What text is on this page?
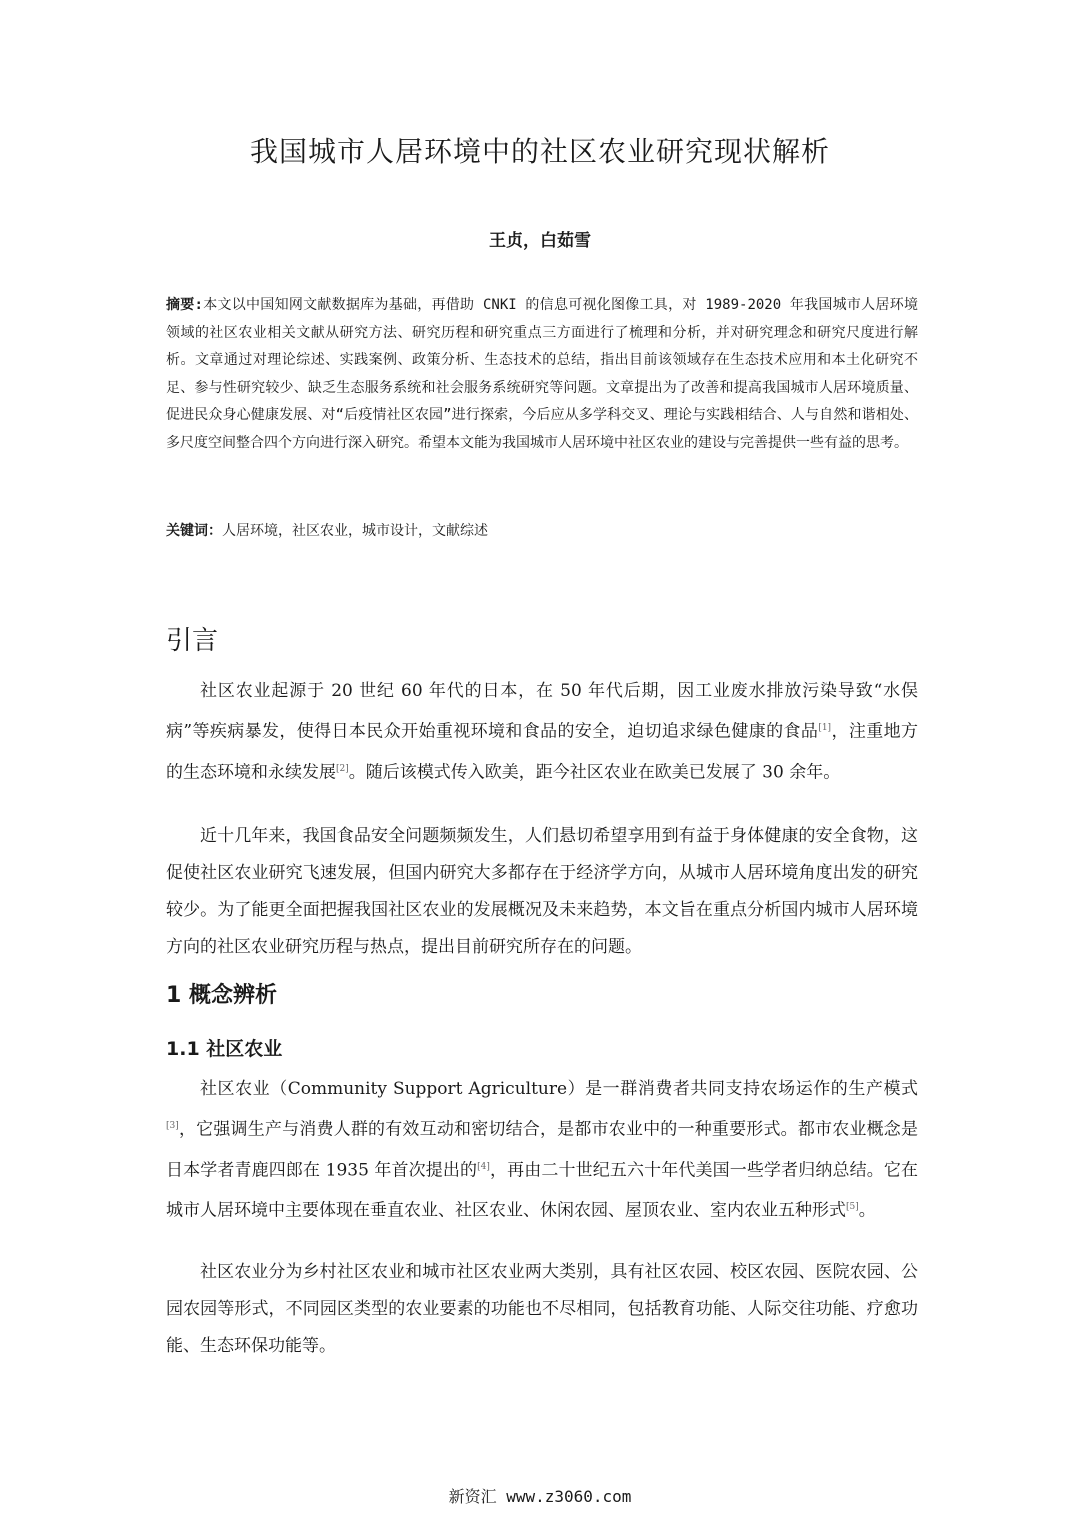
我国城市人居环境中的社区农业研究现状解析
王贞，白茹雪
摘要:本文以中国知网文献数据库为基础，再借助 CNKI 的信息可视化图像工具，对 1989-2020 年我国城市人居环境领域的社区农业相关文献从研究方法、研究历程和研究重点三方面进行了梳理和分析，并对研究理念和研究尺度进行解析。文章通过对理论综述、实践案例、政策分析、生态技术的总结，指出目前该领域存在生态技术应用和本土化研究不足、参与性研究较少、缺乏生态服务系统和社会服务系统研究等问题。文章提出为了改善和提高我国城市人居环境质量、促进民众身心健康发展、对“后疫情社区农园”进行探索，今后应从多学科交叉、理论与实践相结合、人与自然和谐相处、多尺度空间整合四个方向进行深入研究。希望本文能为我国城市人居环境中社区农业的建设与完善提供一些有益的思考。
关键词：人居环境，社区农业，城市设计，文献综述
引言

社区农业起源于 20 世纪 60 年代的日本，在 50 年代后期，因工业废水排放污染导致“水俣病”等疾病暴发，使得日本民众开始重视环境和食品的安全，迫切追求绿色健康的食品[1]，注重地方的生态环境和永续发展[2]。随后该模式传入欧美，距今社区农业在欧美已发展了 30 余年。

近十几年来，我国食品安全问题频频发生，人们悬切希望享用到有益于身体健康的安全食物，这促使社区农业研究飞速发展，但国内研究大多都存在于经济学方向，从城市人居环境角度出发的研究较少。为了能更全面把握我国社区农业的发展概况及未来趋势，本文旨在重点分析国内城市人居环境方向的社区农业研究历程与热点，提出目前研究所存在的问题。

1 概念辨析
1.1 社区农业

社区农业（Community Support Agriculture）是一群消费者共同支持农场运作的生产模式[3]，它强调生产与消费人群的有效互动和密切结合，是都市农业中的一种重要形式。都市农业概念是日本学者青鹿四郎在 1935 年首次提出的[4]，再由二十世纪五六十年代美国一些学者归纳总结。它在城市人居环境中主要体现在垂直农业、社区农业、休闲农园、屋顶农业、室内农业五种形式[5]。

社区农业分为乡村社区农业和城市社区农业两大类别，具有社区农园、校区农园、医院农园、公园农园等形式，不同园区类型的农业要素的功能也不尽相同，包括教育功能、人际交往功能、疗愈功能、生态环保功能等。

新资汇 www.z3060.com
